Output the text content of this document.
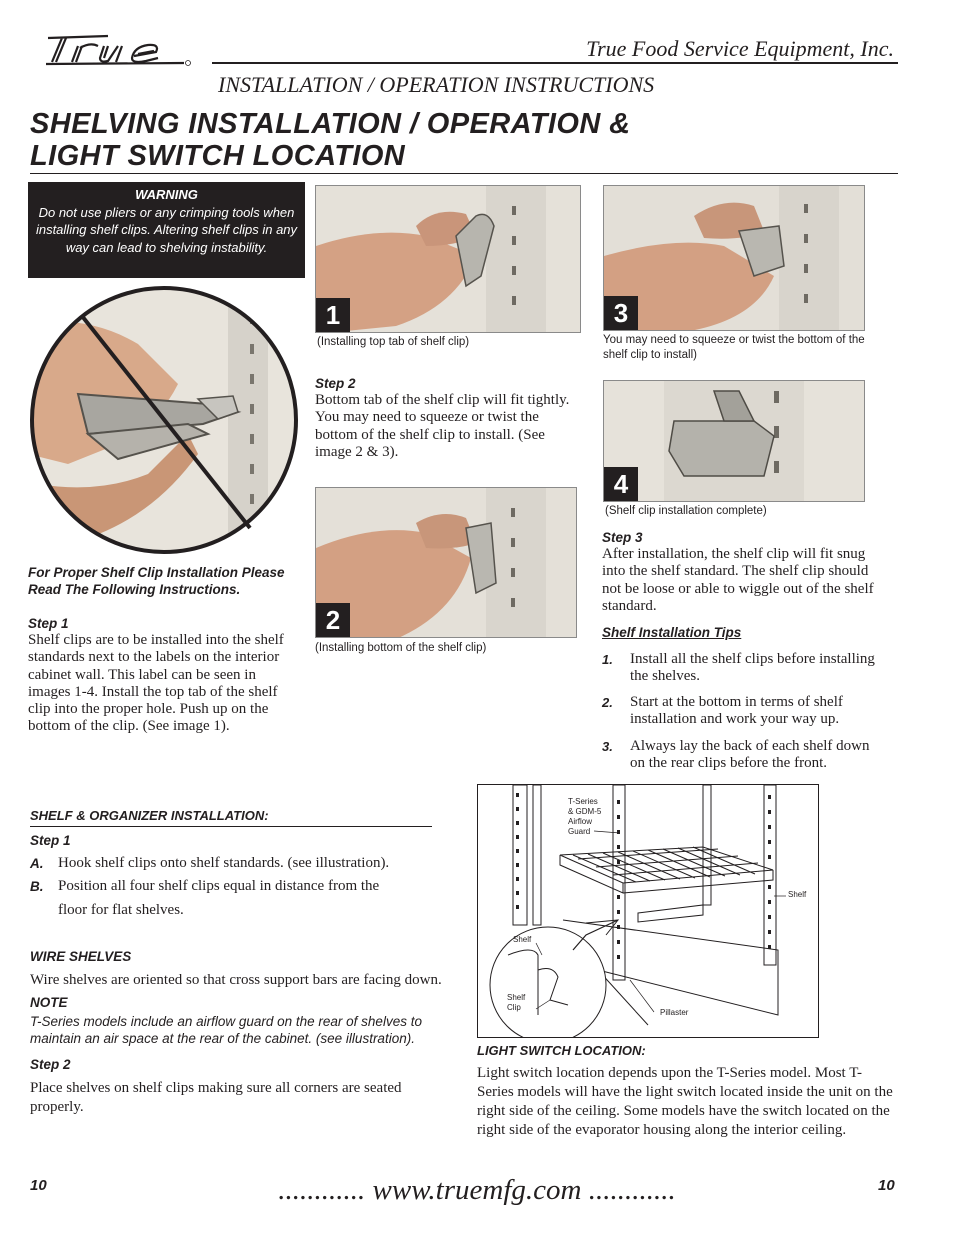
True Food Service Equipment, Inc.
INSTALLATION / OPERATION INSTRUCTIONS
SHELVING INSTALLATION / OPERATION &
LIGHT SWITCH LOCATION
WARNING
Do not use pliers or any crimping tools when installing shelf clips. Altering shelf clips in any way can lead to shelving instability.
1
(Installing top tab of shelf clip)
3
You may need to squeeze or twist the bottom of the shelf clip to install)
For Proper Shelf Clip Installation Please Read The Following Instructions.
Step 1
Shelf clips are to be installed into the shelf standards next to the labels on the interior cabinet wall. This label can be seen in images 1-4. Install the top tab of the shelf clip into the proper hole. Push up on the bottom of the clip. (See image 1).
Step 2
Bottom tab of the shelf clip will fit tightly. You may need to squeeze or twist the bottom of the shelf clip to install. (See image 2 & 3).
2
(Installing bottom of the shelf clip)
4
(Shelf clip installation complete)
Step 3
After installation, the shelf clip will fit snug into the shelf standard. The shelf clip should not be loose or able to wiggle out of the shelf standard.
Shelf Installation Tips
1. Install all the shelf clips before installing the shelves.
2. Start at the bottom in terms of shelf installation and work your way up.
3. Always lay the back of each shelf down on the rear clips before the front.
SHELF & ORGANIZER INSTALLATION:
Step 1
A. Hook shelf clips onto shelf standards. (see illustration).
B. Position all four shelf clips equal in distance from the
floor for flat shelves.
WIRE SHELVES
Wire shelves are oriented so that cross support bars are facing down.
NOTE
T-Series models include an airflow guard on the rear of shelves to maintain an air space at the rear of the cabinet. (see illustration).
Step 2
Place shelves on shelf clips making sure all corners are seated properly.
T-Series
& GDM-5
Airflow
Guard
Shelf
Shelf
Shelf
Clip
Pillaster
LIGHT SWITCH LOCATION:
Light switch location depends upon the T-Series model. Most T-Series models will have the light switch located inside the unit on the right side of the ceiling. Some models have the switch located on the right side of the evaporator housing along the interior ceiling.
10	............ www.truemfg.com ............	10
